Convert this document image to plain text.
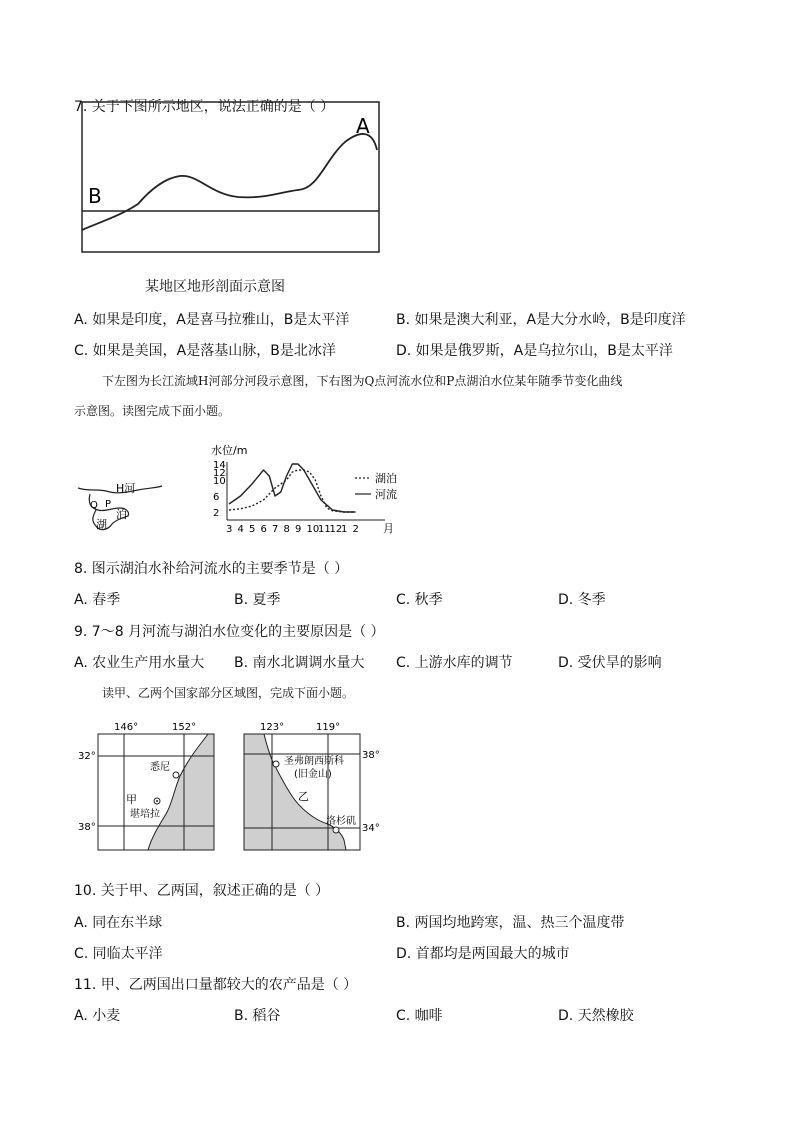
7. 关于下图所示地区，说法正确的是（ ）
A
B
某地区地形剖面示意图
A. 如果是印度，A是喜马拉雅山，B是太平洋	B. 如果是澳大利亚，A是大分水岭，B是印度洋
C. 如果是美国，A是落基山脉，B是北冰洋	D. 如果是俄罗斯，A是乌拉尔山，B是太平洋
下左图为长江流域H河部分河段示意图，下右图为Q点河流水位和P点湖泊水位某年随季节变化曲线
示意图。读图完成下面小题。
H河
Q P
泊
湖
水位/m
14
12
10
6
2
3 4 5 6 7 8 9 10
11
12
1 2 月
湖泊
河流
8. 图示湖泊水补给河流水的主要季节是（ ）
A. 春季	B. 夏季	C. 秋季	D. 冬季
9. 7～8 月河流与湖泊水位变化的主要原因是（ ）
A. 农业生产用水量大 B. 南水北调调水量大 C. 上游水库的调节	D. 受伏旱的影响
读甲、乙两个国家部分区域图，完成下面小题。
146°	152°
32°
38°
悉尼
甲
堪培拉
123°	119°
38°
34°
圣弗朗西斯科
(旧金山)
乙
洛杉矶
10. 关于甲、乙两国，叙述正确的是（ ）
A. 同在东半球	B. 两国均地跨寒，温、热三个温度带
C. 同临太平洋	D. 首都均是两国最大的城市
11. 甲、乙两国出口量都较大的农产品是（ ）
A. 小麦	B. 稻谷	C. 咖啡	D. 天然橡胶
